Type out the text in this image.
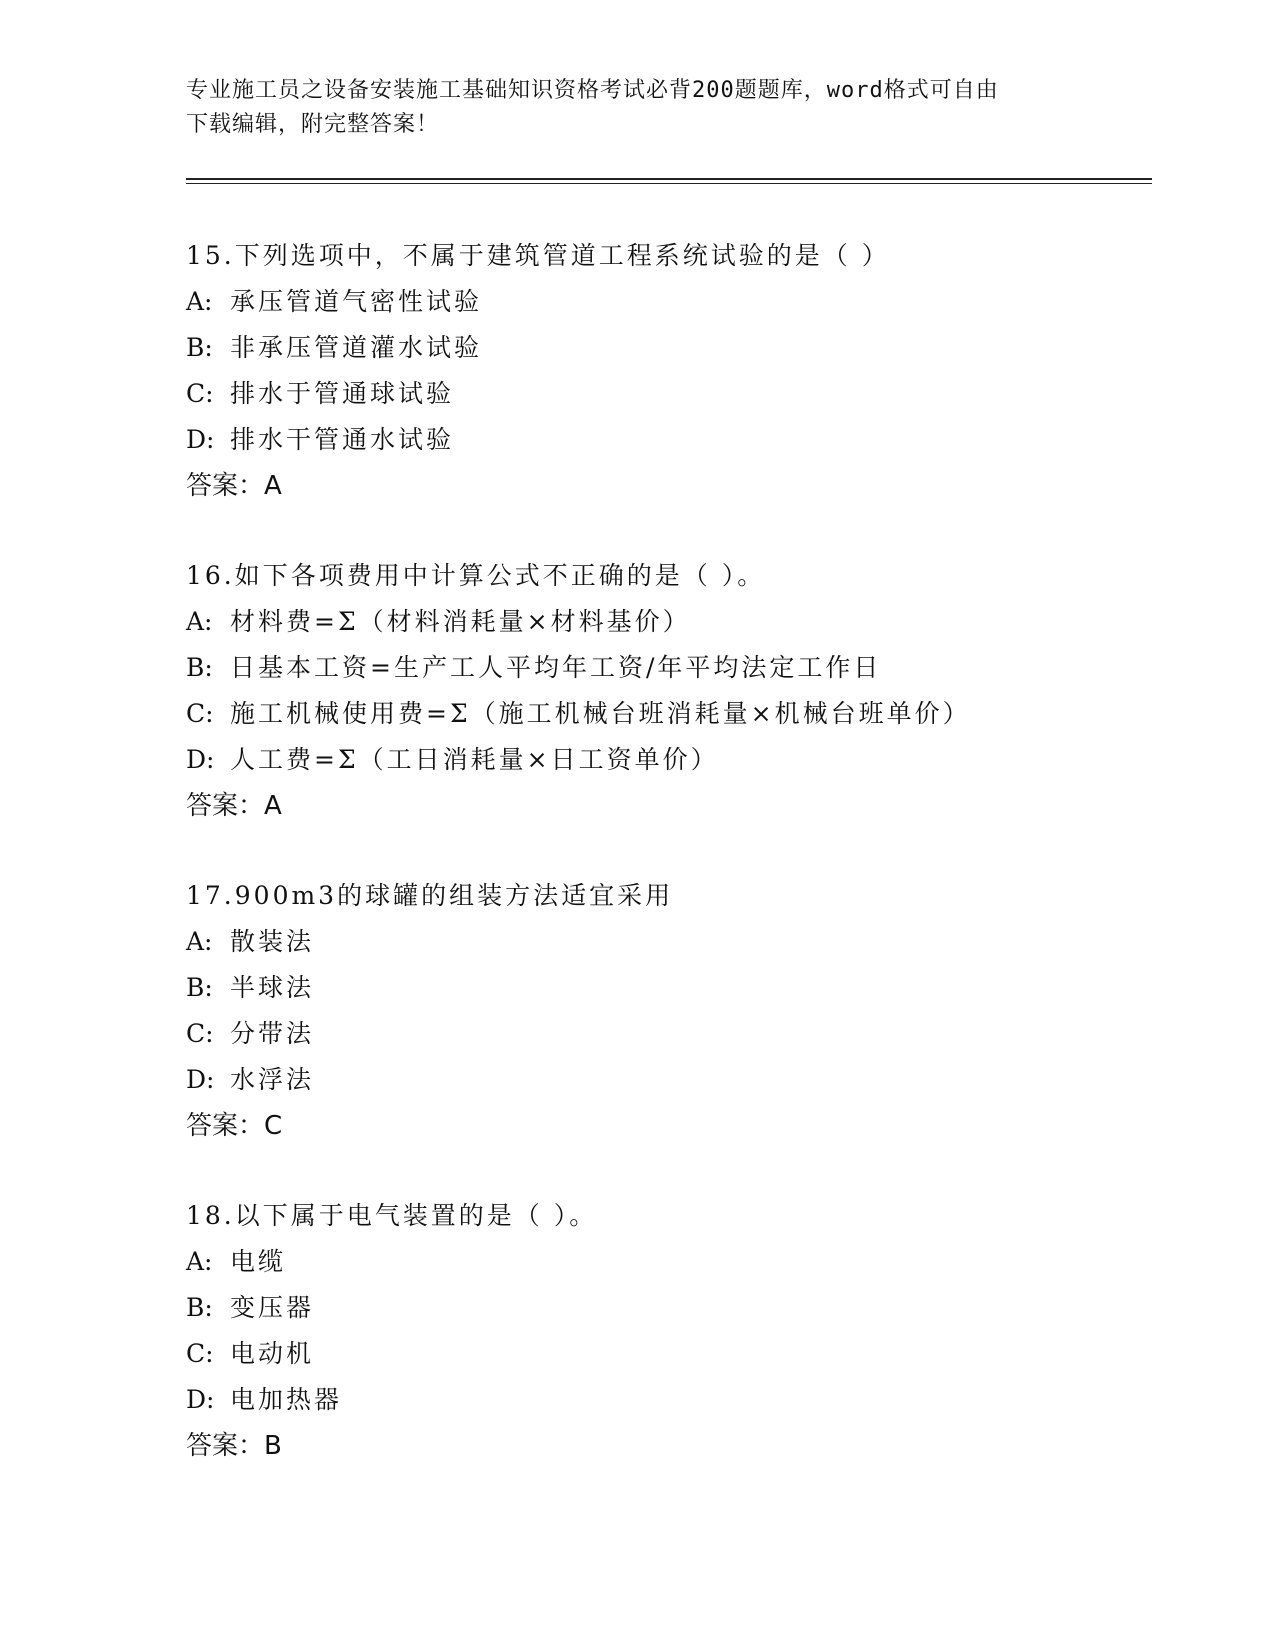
专业施工员之设备安装施工基础知识资格考试必背200题题库，word格式可自由
下载编辑，附完整答案！
15.下列选项中，不属于建筑管道工程系统试验的是（ ）
A: 承压管道气密性试验
B: 非承压管道灌水试验
C: 排水于管通球试验
D: 排水干管通水试验
答案：A
16.如下各项费用中计算公式不正确的是（ ）。
A: 材料费=Σ（材料消耗量×材料基价）
B: 日基本工资=生产工人平均年工资/年平均法定工作日
C: 施工机械使用费=Σ（施工机械台班消耗量×机械台班单价）
D: 人工费=Σ（工日消耗量×日工资单价）
答案：A
17.900m3的球罐的组装方法适宜采用
A: 散装法
B: 半球法
C: 分带法
D: 水浮法
答案：C
18.以下属于电气装置的是（ ）。
A: 电缆
B: 变压器
C: 电动机
D: 电加热器
答案：B
